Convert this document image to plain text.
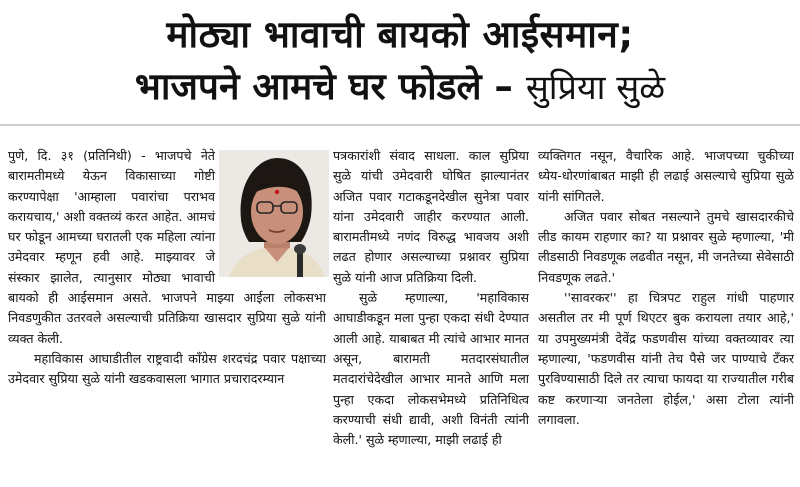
मोठ्या भावाची बायको आईसमान;
भाजपने आमचे घर फोडले – सुप्रिया सुळे

पुणे, दि. ३१ (प्रतिनिधी) - भाजपचे नेते बारामतीमध्ये येऊन विकासाच्या गोष्टी करण्यापेक्षा 'आम्हाला पवारांचा पराभव करायचाय,' अशी वक्तव्यं करत आहेत. आमचं घर फोडून आमच्या घरातली एक महिला त्यांना उमेदवार म्हणून हवी आहे. माझ्यावर जे संस्कार झालेत, त्यानुसार मोठ्या भावाची बायको ही आईसमान असते. भाजपने माझ्या आईला लोकसभा निवडणुकीत उतरवले असल्याची प्रतिक्रिया खासदार सुप्रिया सुळे यांनी व्यक्त केली.

महाविकास आघाडीतील राष्ट्रवादी काँग्रेस शरदचंद्र पवार पक्षाच्या उमेदवार सुप्रिया सुळे यांनी खडकवासला भागात प्रचारादरम्यान

पत्रकारांशी संवाद साधला. काल सुप्रिया सुळे यांची उमेदवारी घोषित झाल्यानंतर अजित पवार गटाकडूनदेखील सुनेत्रा पवार यांना उमेदवारी जाहीर करण्यात आली. बारामतीमध्ये नणंद विरुद्ध भावजय अशी लढत होणार असल्याच्या प्रश्नावर सुप्रिया सुळे यांनी आज प्रतिक्रिया दिली.

सुळे म्हणाल्या, 'महाविकास आघाडीकडून मला पुन्हा एकदा संधी देण्यात आली आहे. याबाबत मी त्यांचे आभार मानत असून, बारामती मतदारसंघातील मतदारांचेदेखील आभार मानते आणि मला पुन्हा एकदा लोकसभेमध्ये प्रतिनिधित्व करण्याची संधी द्यावी, अशी विनंती त्यांनी केली.' सुळे म्हणाल्या, माझी लढाई ही

व्यक्तिगत नसून, वैचारिक आहे. भाजपच्या चुकीच्या ध्येय-धोरणांबाबत माझी ही लढाई असल्याचे सुप्रिया सुळे यांनी सांगितले.

अजित पवार सोबत नसल्याने तुमचे खासदारकीचे लीड कायम राहणार का? या प्रश्नावर सुळे म्हणाल्या, 'मी लीडसाठी निवडणूक लढवीत नसून, मी जनतेच्या सेवेसाठी निवडणूक लढते.'

''सावरकर'' हा चित्रपट राहुल गांधी पाहणार असतील तर मी पूर्ण थिएटर बुक करायला तयार आहे,' या उपमुख्यमंत्री देवेंद्र फडणवीस यांच्या वक्तव्यावर त्या म्हणाल्या, 'फडणवीस यांनी तेच पैसे जर पाण्याचे टँकर पुरविण्यासाठी दिले तर त्याचा फायदा या राज्यातील गरीब कष्ट करणाऱ्या जनतेला होईल,' असा टोला त्यांनी लगावला.
